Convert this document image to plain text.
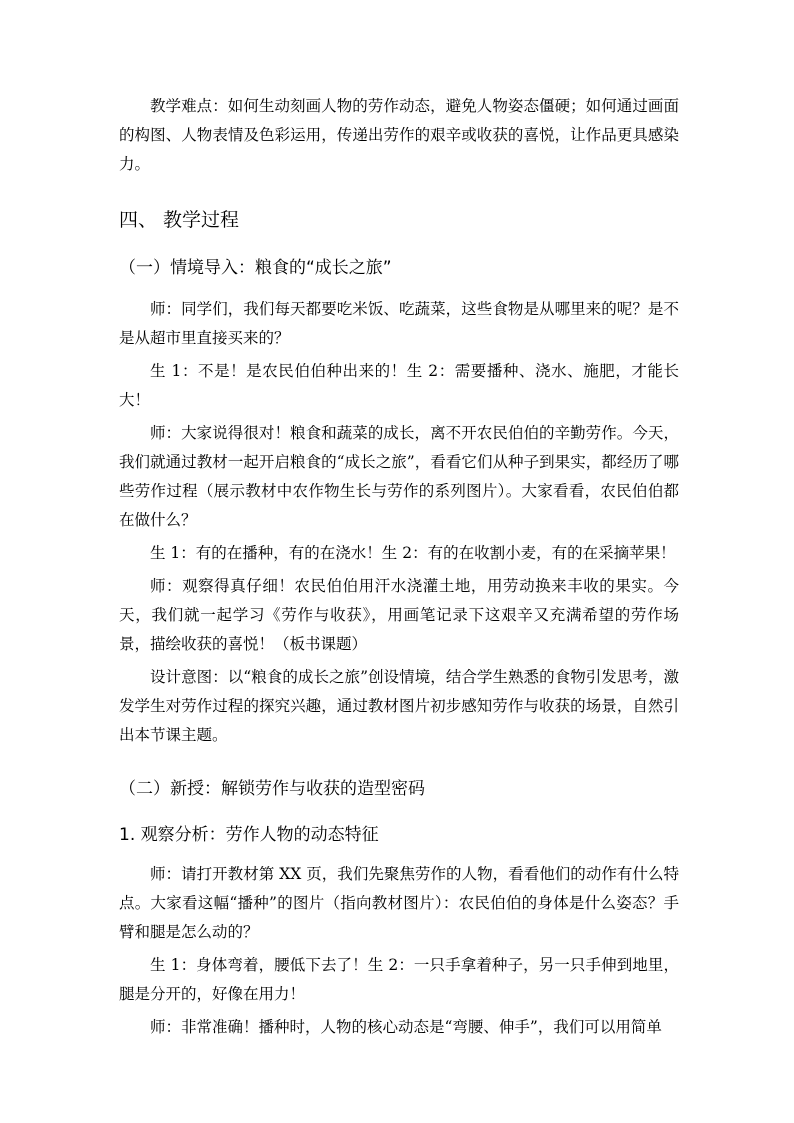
教学难点：如何生动刻画人物的劳作动态，避免人物姿态僵硬；如何通过画面的构图、人物表情及色彩运用，传递出劳作的艰辛或收获的喜悦，让作品更具感染力。

四、 教学过程
（一）情境导入：粮食的“成长之旅”

师：同学们，我们每天都要吃米饭、吃蔬菜，这些食物是从哪里来的呢？是不是从超市里直接买来的？

生 1：不是！是农民伯伯种出来的！生 2：需要播种、浇水、施肥，才能长大！

师：大家说得很对！粮食和蔬菜的成长，离不开农民伯伯的辛勤劳作。今天，我们就通过教材一起开启粮食的“成长之旅”，看看它们从种子到果实，都经历了哪些劳作过程（展示教材中农作物生长与劳作的系列图片）。大家看看，农民伯伯都在做什么？

生 1：有的在播种，有的在浇水！生 2：有的在收割小麦，有的在采摘苹果！

师：观察得真仔细！农民伯伯用汗水浇灌土地，用劳动换来丰收的果实。今天，我们就一起学习《劳作与收获》，用画笔记录下这艰辛又充满希望的劳作场景，描绘收获的喜悦！（板书课题）

设计意图：以“粮食的成长之旅”创设情境，结合学生熟悉的食物引发思考，激发学生对劳作过程的探究兴趣，通过教材图片初步感知劳作与收获的场景，自然引出本节课主题。

（二）新授：解锁劳作与收获的造型密码
1. 观察分析：劳作人物的动态特征

师：请打开教材第 XX 页，我们先聚焦劳作的人物，看看他们的动作有什么特点。大家看这幅“播种”的图片（指向教材图片）：农民伯伯的身体是什么姿态？手臂和腿是怎么动的？

生 1：身体弯着，腰低下去了！生 2：一只手拿着种子，另一只手伸到地里，腿是分开的，好像在用力！

师：非常准确！播种时，人物的核心动态是“弯腰、伸手”，我们可以用简单
